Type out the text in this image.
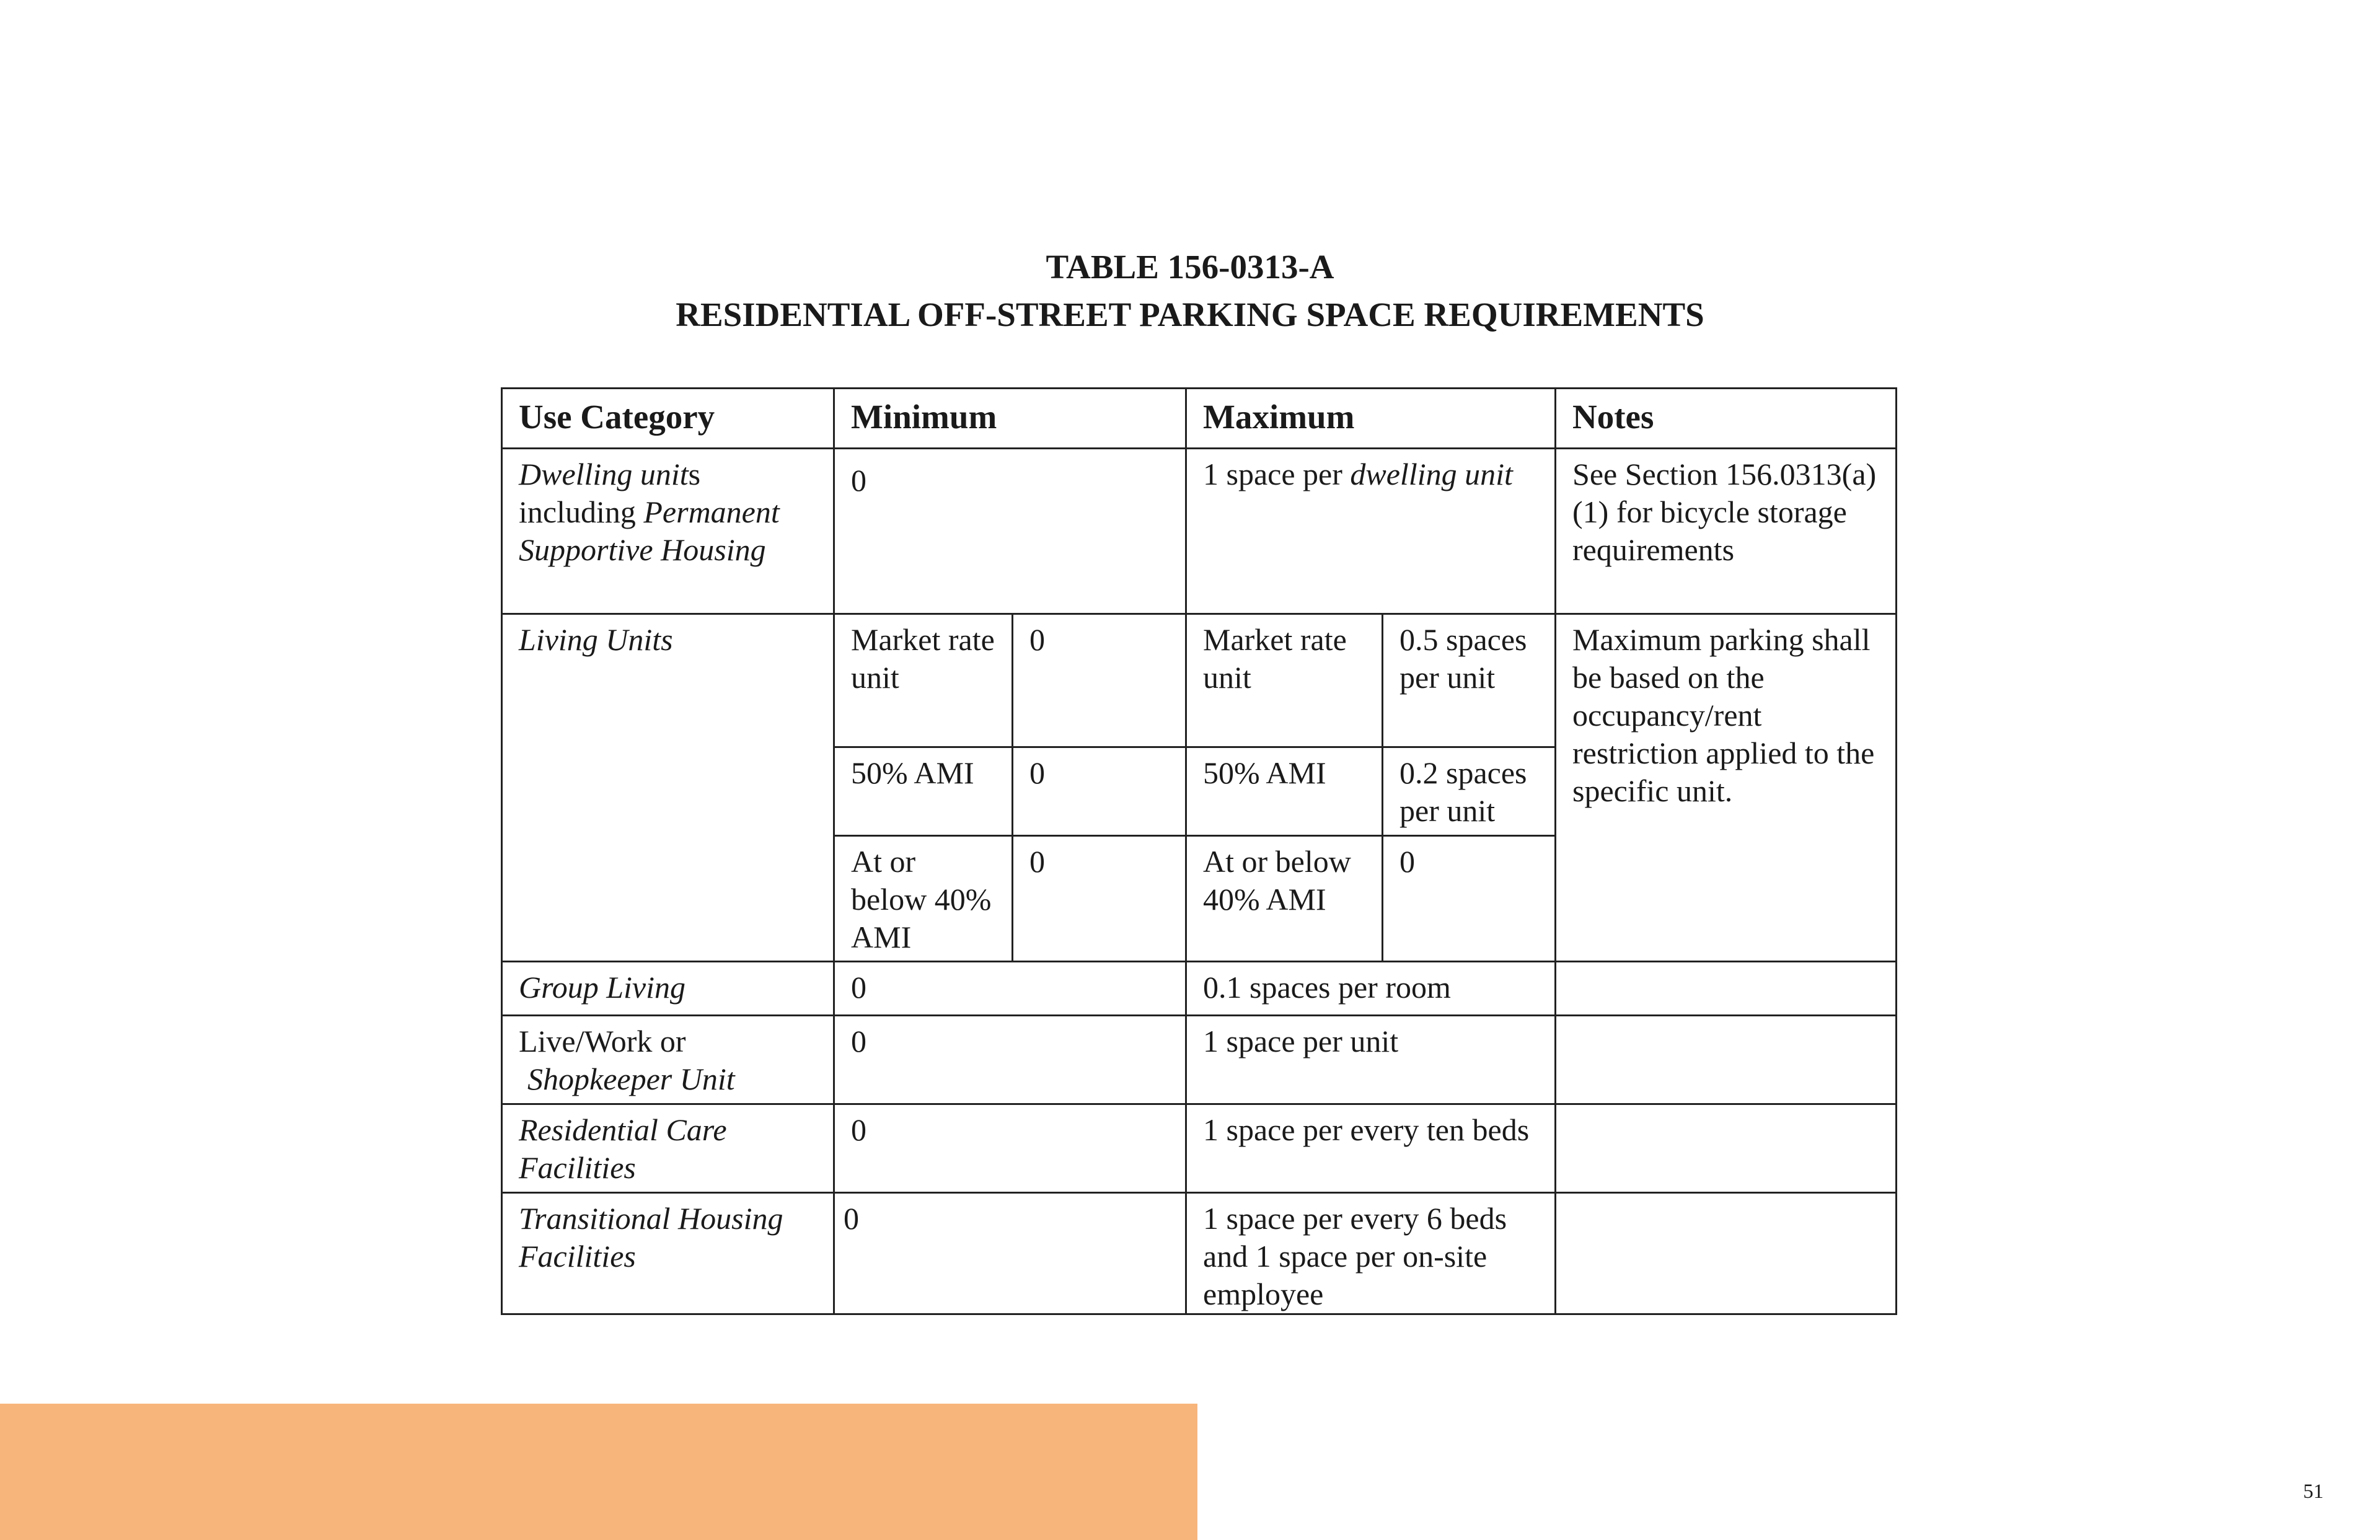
TABLE 156-0313-A
RESIDENTIAL OFF-STREET PARKING SPACE REQUIREMENTS
Use Category	Minimum		Maximum		Notes
Dwelling units
including Permanent
Supportive Housing	0		1 space per dwelling unit		See Section 156.0313(a)(1) for bicycle storage requirements
Living Units	Market rate unit	0	Market rate unit	0.5 spaces per unit	Maximum parking shall be based on the occupancy/rent restriction applied to the specific unit.
	50% AMI	0	50% AMI	0.2 spaces per unit	
	At or below 40% AMI	0	At or below 40% AMI	0	
Group Living	0		0.1 spaces per room		
Live/Work or
Shopkeeper Unit	0		1 space per unit		
Residential Care Facilities	0		1 space per every ten beds		
Transitional Housing Facilities	0		1 space per every 6 beds and 1 space per on-site employee		
51
